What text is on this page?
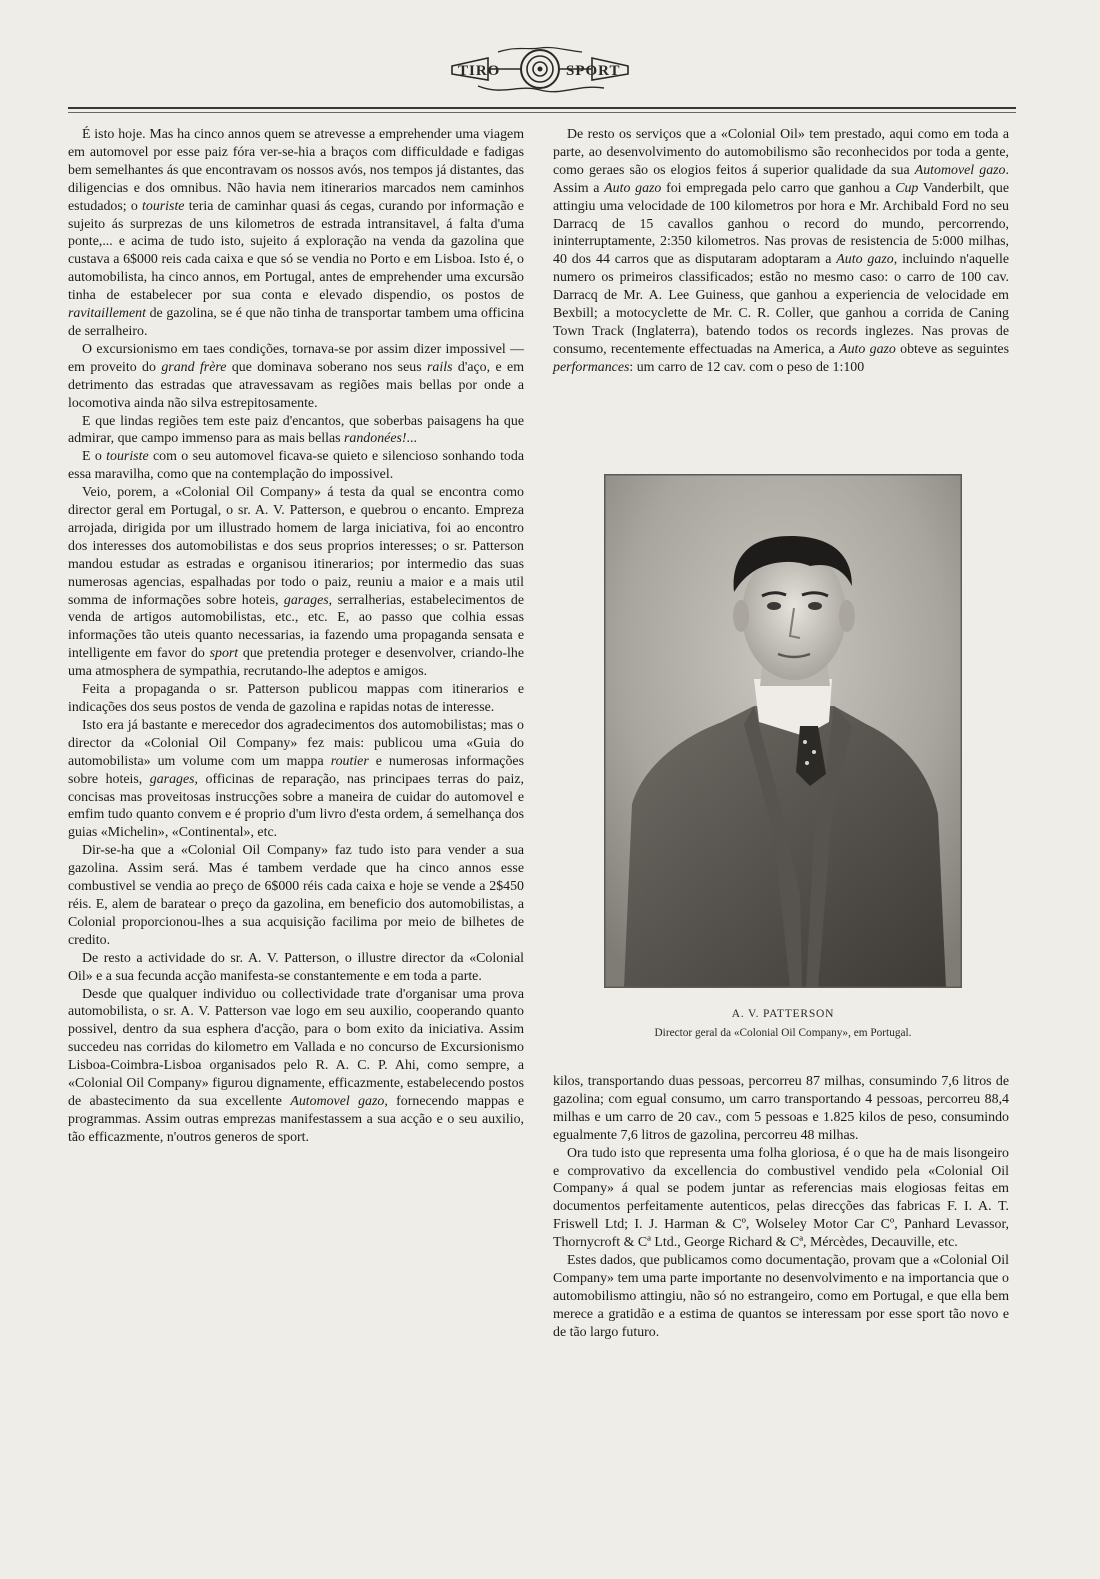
TIRO	SPORT

É isto hoje. Mas ha cinco annos quem se atrevesse a emprehender uma viagem em automovel por esse paiz fóra ver-se-hia a braços com difficuldade e fadigas bem semelhantes ás que encontravam os nossos avós, nos tempos já distantes, das diligencias e dos omnibus. Não havia nem itinerarios marcados nem caminhos estudados; o touriste teria de caminhar quasi ás cegas, curando por informação e sujeito ás surprezas de uns kilometros de estrada intransitavel, á falta d'uma ponte,... e acima de tudo isto, sujeito á exploração na venda da gazolina que custava a 6$000 reis cada caixa e que só se vendia no Porto e em Lisboa. Isto é, o automobilista, ha cinco annos, em Portugal, antes de emprehender uma excursão tinha de estabelecer por sua conta e elevado dispendio, os postos de ravitaillement de gazolina, se é que não tinha de transportar tambem uma officina de serralheiro.

O excursionismo em taes condições, tornava-se por assim dizer impossivel — em proveito do grand frère que dominava soberano nos seus rails d'aço, e em detrimento das estradas que atravessavam as regiões mais bellas por onde a locomotiva ainda não silva estrepitosamente.

E que lindas regiões tem este paiz d'encantos, que soberbas paisagens ha que admirar, que campo immenso para as mais bellas randonées!...

E o touriste com o seu automovel ficava-se quieto e silencioso sonhando toda essa maravilha, como que na contemplação do impossivel.

Veio, porem, a «Colonial Oil Company» á testa da qual se encontra como director geral em Portugal, o sr. A. V. Patterson, e quebrou o encanto. Empreza arrojada, dirigida por um illustrado homem de larga iniciativa, foi ao encontro dos interesses dos automobilistas e dos seus proprios interesses; o sr. Patterson mandou estudar as estradas e organisou itinerarios; por intermedio das suas numerosas agencias, espalhadas por todo o paiz, reuniu a maior e a mais util somma de informações sobre hoteis, garages, serralherias, estabelecimentos de venda de artigos automobilistas, etc., etc. E, ao passo que colhia essas informações tão uteis quanto necessarias, ia fazendo uma propaganda sensata e intelligente em favor do sport que pretendia proteger e desenvolver, criando-lhe uma atmosphera de sympathia, recrutando-lhe adeptos e amigos.

Feita a propaganda o sr. Patterson publicou mappas com itinerarios e indicações dos seus postos de venda de gazolina e rapidas notas de interesse.

Isto era já bastante e merecedor dos agradecimentos dos automobilistas; mas o director da «Colonial Oil Company» fez mais: publicou uma «Guia do automobilista» um volume com um mappa routier e numerosas informações sobre hoteis, garages, officinas de reparação, nas principaes terras do paiz, concisas mas proveitosas instrucções sobre a maneira de cuidar do automovel e emfim tudo quanto convem e é proprio d'um livro d'esta ordem, á semelhança dos guias «Michelin», «Continental», etc.

Dir-se-ha que a «Colonial Oil Company» faz tudo isto para vender a sua gazolina. Assim será. Mas é tambem verdade que ha cinco annos esse combustivel se vendia ao preço de 6$000 réis cada caixa e hoje se vende a 2$450 réis. E, alem de baratear o preço da gazolina, em beneficio dos automobilistas, a Colonial proporcionou-lhes a sua acquisição facilima por meio de bilhetes de credito.

De resto a actividade do sr. A. V. Patterson, o illustre director da «Colonial Oil» e a sua fecunda acção manifesta-se constantemente e em toda a parte.

Desde que qualquer individuo ou collectividade trate d'organisar uma prova automobilista, o sr. A. V. Patterson vae logo em seu auxilio, cooperando quanto possivel, dentro da sua esphera d'acção, para o bom exito da iniciativa. Assim succedeu nas corridas do kilometro em Vallada e no concurso de Excursionismo Lisboa-Coimbra-Lisboa organisados pelo R. A. C. P. Ahi, como sempre, a «Colonial Oil Company» figurou dignamente, efficazmente, estabelecendo postos de abastecimento da sua excellente Automovel gazo, fornecendo mappas e programmas. Assim outras emprezas manifestassem a sua acção e o seu auxilio, tão efficazmente, n'outros generos de sport.

De resto os serviços que a «Colonial Oil» tem prestado, aqui como em toda a parte, ao desenvolvimento do automobilismo são reconhecidos por toda a gente, como geraes são os elogios feitos á superior qualidade da sua Automovel gazo. Assim a Auto gazo foi empregada pelo carro que ganhou a Cup Vanderbilt, que attingiu uma velocidade de 100 kilometros por hora e Mr. Archibald Ford no seu Darracq de 15 cavallos ganhou o record do mundo, percorrendo, ininterruptamente, 2:350 kilometros. Nas provas de resistencia de 5:000 milhas, 40 dos 44 carros que as disputaram adoptaram a Auto gazo, incluindo n'aquelle numero os primeiros classificados; estão no mesmo caso: o carro de 100 cav. Darracq de Mr. A. Lee Guiness, que ganhou a experiencia de velocidade em Bexbill; a motocyclette de Mr. C. R. Coller, que ganhou a corrida de Caning Town Track (Inglaterra), batendo todos os records inglezes. Nas provas de consumo, recentemente effectuadas na America, a Auto gazo obteve as seguintes performances: um carro de 12 cav. com o peso de 1:100

A. V. PATTERSON
Director geral da «Colonial Oil Company», em Portugal.

kilos, transportando duas pessoas, percorreu 87 milhas, consumindo 7,6 litros de gazolina; com egual consumo, um carro transportando 4 pessoas, percorreu 88,4 milhas e um carro de 20 cav., com 5 pessoas e 1.825 kilos de peso, consumindo egualmente 7,6 litros de gazolina, percorreu 48 milhas.

Ora tudo isto que representa uma folha gloriosa, é o que ha de mais lisongeiro e comprovativo da excellencia do combustivel vendido pela «Colonial Oil Company» á qual se podem juntar as referencias mais elogiosas feitas em documentos perfeitamente autenticos, pelas direcções das fabricas F. I. A. T. Friswell Ltd; I. J. Harman & Cº, Wolseley Motor Car Cº, Panhard Levassor, Thornycroft & Cª Ltd., George Richard & Cª, Mércèdes, Decauville, etc.

Estes dados, que publicamos como documentação, provam que a «Colonial Oil Company» tem uma parte importante no desenvolvimento e na importancia que o automobilismo attingiu, não só no estrangeiro, como em Portugal, e que ella bem merece a gratidão e a estima de quantos se interessam por esse sport tão novo e de tão largo futuro.
